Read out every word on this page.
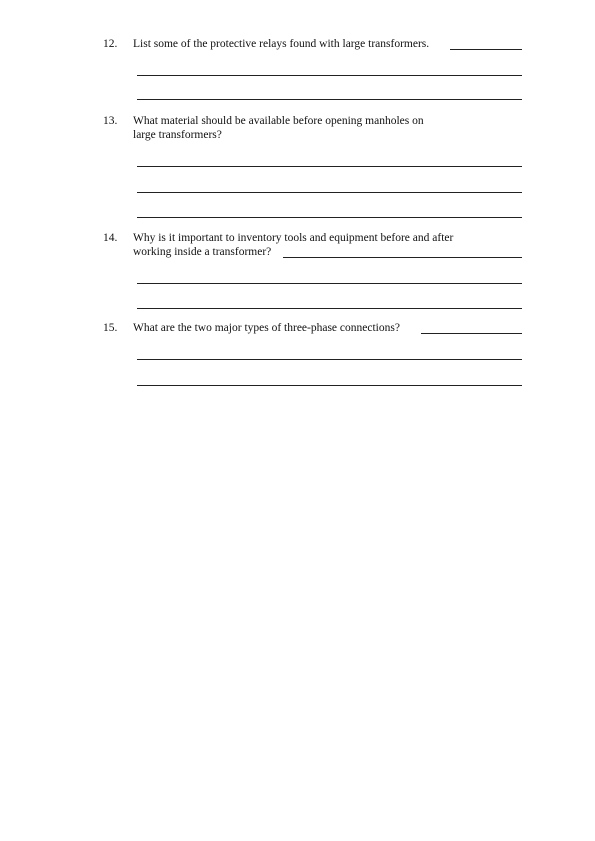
12. List some of the protective relays found with large transformers.
13. What material should be available before opening manholes on
large transformers?
14. Why is it important to inventory tools and equipment before and after
working inside a transformer?
15. What are the two major types of three-phase connections?
